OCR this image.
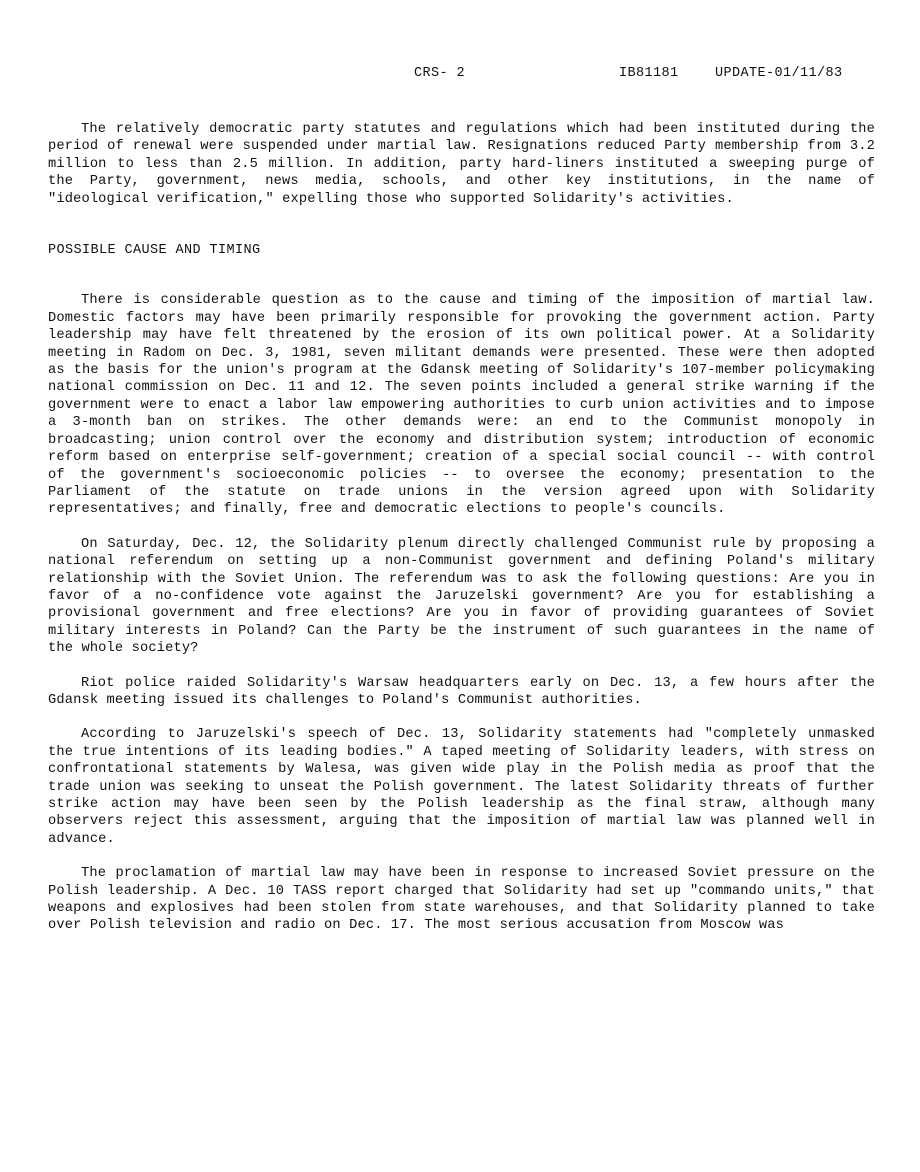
CRS- 2

	IB81181

	UPDATE-01/11/83

The relatively democratic party statutes and regulations which had been instituted during the period of renewal were suspended under martial law. Resignations reduced Party membership from 3.2 million to less than 2.5 million. In addition, party hard-liners instituted a sweeping purge of the Party, government, news media, schools, and other key institutions, in the name of "ideological verification," expelling those who supported Solidarity's activities.

POSSIBLE CAUSE AND TIMING

There is considerable question as to the cause and timing of the imposition of martial law. Domestic factors may have been primarily responsible for provoking the government action. Party leadership may have felt threatened by the erosion of its own political power. At a Solidarity meeting in Radom on Dec. 3, 1981, seven militant demands were presented. These were then adopted as the basis for the union's program at the Gdansk meeting of Solidarity's 107-member policymaking national commission on Dec. 11 and 12. The seven points included a general strike warning if the government were to enact a labor law empowering authorities to curb union activities and to impose a 3-month ban on strikes. The other demands were: an end to the Communist monopoly in broadcasting; union control over the economy and distribution system; introduction of economic reform based on enterprise self-government; creation of a special social council -- with control of the government's socioeconomic policies -- to oversee the economy; presentation to the Parliament of the statute on trade unions in the version agreed upon with Solidarity representatives; and finally, free and democratic elections to people's councils.

On Saturday, Dec. 12, the Solidarity plenum directly challenged Communist rule by proposing a national referendum on setting up a non-Communist government and defining Poland's military relationship with the Soviet Union. The referendum was to ask the following questions: Are you in favor of a no-confidence vote against the Jaruzelski government? Are you for establishing a provisional government and free elections? Are you in favor of providing guarantees of Soviet military interests in Poland? Can the Party be the instrument of such guarantees in the name of the whole society?

Riot police raided Solidarity's Warsaw headquarters early on Dec. 13, a few hours after the Gdansk meeting issued its challenges to Poland's Communist authorities.

According to Jaruzelski's speech of Dec. 13, Solidarity statements had "completely unmasked the true intentions of its leading bodies." A taped meeting of Solidarity leaders, with stress on confrontational statements by Walesa, was given wide play in the Polish media as proof that the trade union was seeking to unseat the Polish government. The latest Solidarity threats of further strike action may have been seen by the Polish leadership as the final straw, although many observers reject this assessment, arguing that the imposition of martial law was planned well in advance.

The proclamation of martial law may have been in response to increased Soviet pressure on the Polish leadership. A Dec. 10 TASS report charged that Solidarity had set up "commando units," that weapons and explosives had been stolen from state warehouses, and that Solidarity planned to take over Polish television and radio on Dec. 17. The most serious accusation from Moscow was
